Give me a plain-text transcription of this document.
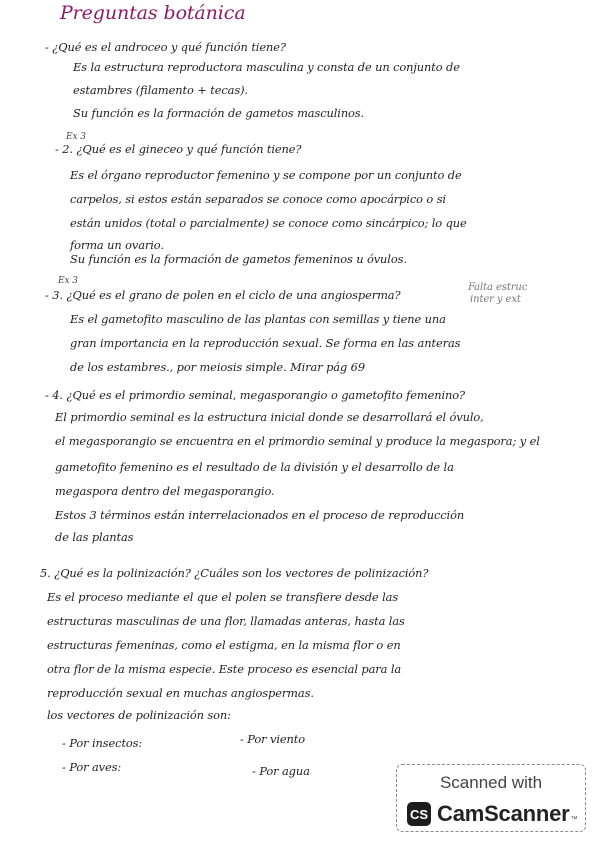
Preguntas botánica
- ¿Qué es el androceo y qué función tiene?
Es la estructura reproductora masculina y consta de un conjunto de
estambres (filamento + tecas).
Su función es la formación de gametos masculinos.
Ex 3
- 2. ¿Qué es el gineceo y qué función tiene?
Es el órgano reproductor femenino y se compone por un conjunto de
carpelos, si estos están separados se conoce como apocárpico o si
están unidos (total o parcialmente) se conoce como sincárpico; lo que
forma un ovario.
Su función es la formación de gametos femeninos u óvulos.
Ex 3
- 3. ¿Qué es el grano de polen en el ciclo de una angiosperma?
Falta estruc
inter y ext
Es el gametofito masculino de las plantas con semillas y tiene una
gran importancia en la reproducción sexual. Se forma en las anteras
de los estambres., por meiosis simple. Mirar pág 69
- 4. ¿Qué es el primordio seminal, megasporangio o gametofito femenino?
El primordio seminal es la estructura inicial donde se desarrollará el óvulo,
el megasporangio se encuentra en el primordio seminal y produce la megaspora; y el
gametofito femenino es el resultado de la división y el desarrollo de la
megaspora dentro del megasporangio.
Estos 3 términos están interrelacionados en el proceso de reproducción
de las plantas
5. ¿Qué es la polinización? ¿Cuáles son los vectores de polinización?
Es el proceso mediante el que el polen se transfiere desde las
estructuras masculinas de una flor, llamadas anteras, hasta las
estructuras femeninas, como el estigma, en la misma flor o en
otra flor de la misma especie. Este proceso es esencial para la
reproducción sexual en muchas angiospermas.
los vectores de polinización son:
- Por insectos:	- Por viento
- Por aves:	- Por agua
Scanned with
CS CamScanner ™
